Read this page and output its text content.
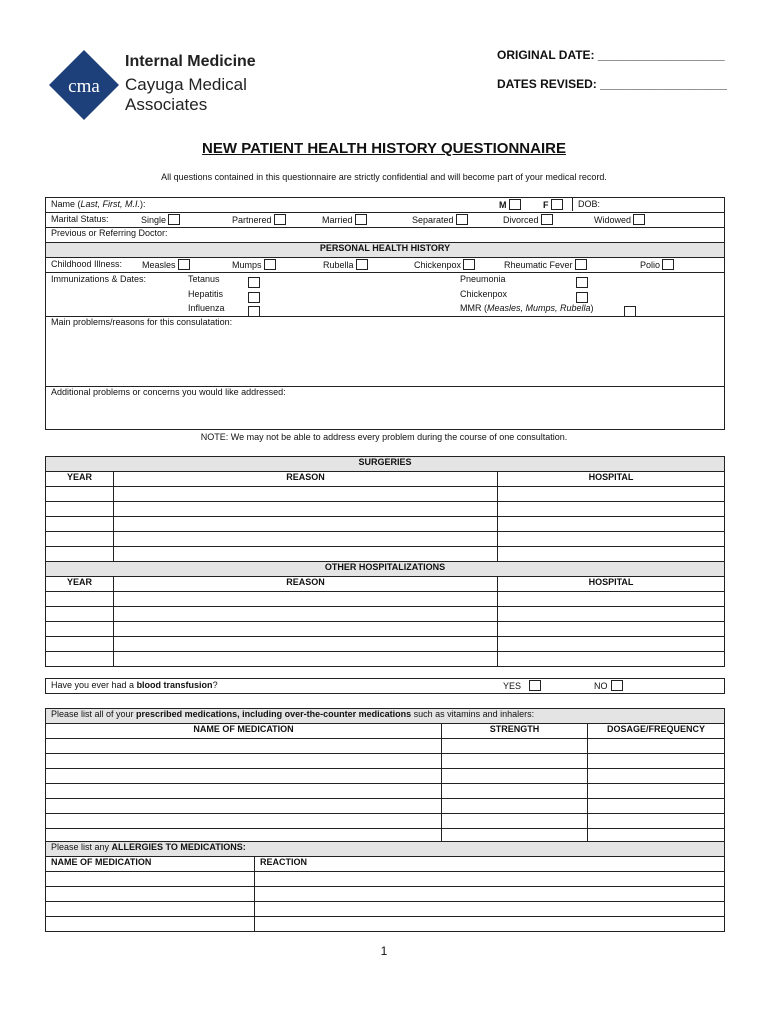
cma
Internal Medicine
Cayuga Medical
Associates
ORIGINAL DATE: ___________________
DATES REVISED: ___________________
NEW PATIENT HEALTH HISTORY QUESTIONNAIRE
All questions contained in this questionnaire are strictly confidential and will become part of your medical record.
Name (Last, First, M.I.):	M	F	DOB:

Marital Status:	Single	Partnered	Married	Separated	Divorced	Widowed

Previous or Referring Doctor:
PERSONAL HEALTH HISTORY

Childhood Illness: Measles	Mumps	Rubella	Chickenpox	Rheumatic Fever	Polio

Immunizations & Dates:	Tetanus
Hepatitis
Influenza
Pneumonia
Chickenpox
MMR (Measles, Mumps, Rubella)

Main problems/reasons for this consulatation:
Additional problems or concerns you would like addressed:
NOTE: We may not be able to address every problem during the course of one consultation.
SURGERIES		
YEAR	REASON	HOSPITAL

OTHER HOSPITALIZATIONS		
YEAR	REASON	HOSPITAL

Have you ever had a blood transfusion?	YES	NO
Please list all of your prescribed medications, including over-the-counter medications such as vitamins and inhalers:		
NAME OF MEDICATION	STRENGTH	DOSAGE/FREQUENCY

Please list any ALLERGIES TO MEDICATIONS:	
NAME OF MEDICATION	REACTION

1
